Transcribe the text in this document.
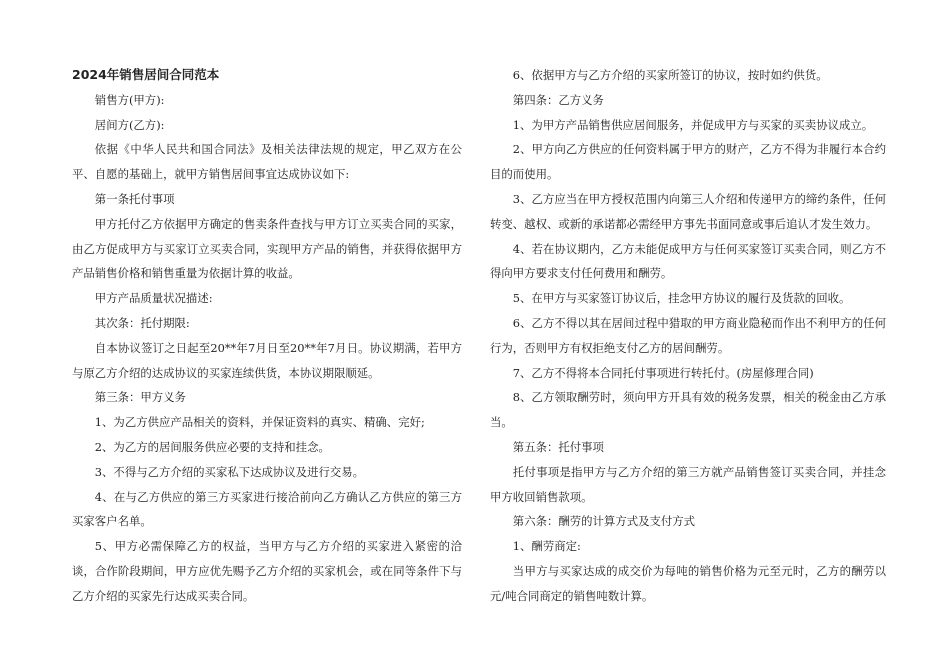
2024年销售居间合同范本

销售方(甲方):

居间方(乙方):

依据《中华人民共和国合同法》及相关法律法规的规定，甲乙双方在公平、自愿的基础上，就甲方销售居间事宜达成协议如下:

第一条托付事项

甲方托付乙方依据甲方确定的售卖条件查找与甲方订立买卖合同的买家，由乙方促成甲方与买家订立买卖合同，实现甲方产品的销售，并获得依据甲方产品销售价格和销售重量为依据计算的收益。

甲方产品质量状况描述:

其次条：托付期限:

自本协议签订之日起至20**年7月日至20**年7月日。协议期满，若甲方与原乙方介绍的达成协议的买家连续供货，本协议期限顺延。

第三条：甲方义务

1、为乙方供应产品相关的资料，并保证资料的真实、精确、完好;

2、为乙方的居间服务供应必要的支持和挂念。

3、不得与乙方介绍的买家私下达成协议及进行交易。

4、在与乙方供应的第三方买家进行接洽前向乙方确认乙方供应的第三方买家客户名单。

5、甲方必需保障乙方的权益，当甲方与乙方介绍的买家进入紧密的洽谈，合作阶段期间，甲方应优先赐予乙方介绍的买家机会，或在同等条件下与乙方介绍的买家先行达成买卖合同。

6、依据甲方与乙方介绍的买家所签订的协议，按时如约供货。

第四条：乙方义务

1、为甲方产品销售供应居间服务，并促成甲方与买家的买卖协议成立。

2、甲方向乙方供应的任何资料属于甲方的财产，乙方不得为非履行本合约目的而使用。

3、乙方应当在甲方授权范围内向第三人介绍和传递甲方的缔约条件，任何转变、越权、或新的承诺都必需经甲方事先书面同意或事后追认才发生效力。

4、若在协议期内，乙方未能促成甲方与任何买家签订买卖合同，则乙方不得向甲方要求支付任何费用和酬劳。

5、在甲方与买家签订协议后，挂念甲方协议的履行及货款的回收。

6、乙方不得以其在居间过程中猎取的甲方商业隐秘而作出不利甲方的任何行为，否则甲方有权拒绝支付乙方的居间酬劳。

7、乙方不得将本合同托付事项进行转托付。(房屋修理合同)

8、乙方领取酬劳时，须向甲方开具有效的税务发票，相关的税金由乙方承当。

第五条：托付事项

托付事项是指甲方与乙方介绍的第三方就产品销售签订买卖合同，并挂念甲方收回销售款项。

第六条：酬劳的计算方式及支付方式

1、酬劳商定:

当甲方与买家达成的成交价为每吨的销售价格为元至元时，乙方的酬劳以元/吨合同商定的销售吨数计算。
